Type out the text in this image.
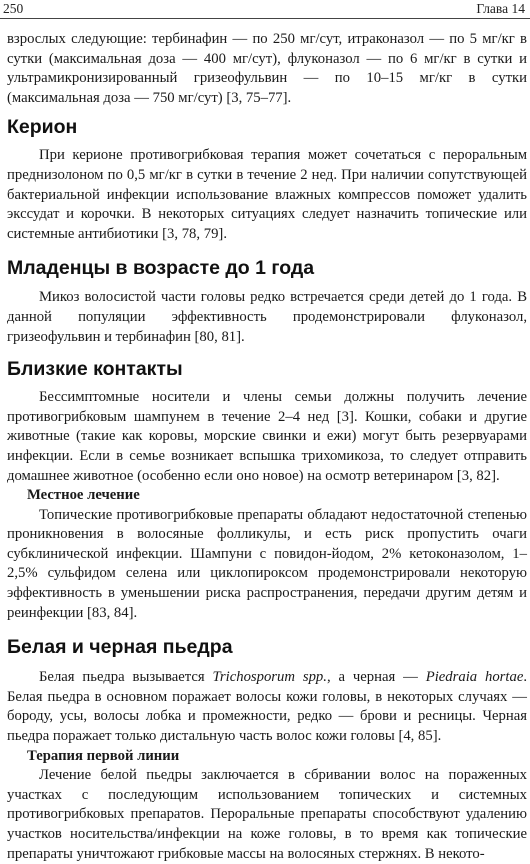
250	Глава 14

взрослых следующие: тербинафин — по 250 мг/сут, итраконазол — по 5 мг/кг в сутки (максимальная доза — 400 мг/сут), флуконазол — по 6 мг/кг в сутки и ультрамикронизированный гризеофульвин — по 10–15 мг/кг в сутки (максимальная доза — 750 мг/сут) [3, 75–77].

Керион

При керионе противогрибковая терапия может сочетаться с пероральным преднизолоном по 0,5 мг/кг в сутки в течение 2 нед. При наличии сопутствующей бактериальной инфекции использование влажных компрессов поможет удалить экссудат и корочки. В некоторых ситуациях следует назначить топические или системные антибиотики [3, 78, 79].

Младенцы в возрасте до 1 года

Микоз волосистой части головы редко встречается среди детей до 1 года. В данной популяции эффективность продемонстрировали флуконазол, гризеофульвин и тербинафин [80, 81].

Близкие контакты

Бессимптомные носители и члены семьи должны получить лечение противогрибковым шампунем в течение 2–4 нед [3]. Кошки, собаки и другие животные (такие как коровы, морские свинки и ежи) могут быть резервуарами инфекции. Если в семье возникает вспышка трихомикоза, то следует отправить домашнее животное (особенно если оно новое) на осмотр ветеринаром [3, 82].

Местное лечение

Топические противогрибковые препараты обладают недостаточной степенью проникновения в волосяные фолликулы, и есть риск пропустить очаги субклинической инфекции. Шампуни с повидон-йодом, 2% кетоконазолом, 1–2,5% сульфидом селена или циклопироксом продемонстрировали некоторую эффективность в уменьшении риска распространения, передачи другим детям и реинфекции [83, 84].

Белая и черная пьедра

Белая пьедра вызывается Trichosporum spp., а черная — Piedraia hortae. Белая пьедра в основном поражает волосы кожи головы, в некоторых случаях — бороду, усы, волосы лобка и промежности, редко — брови и ресницы. Черная пьедра поражает только дистальную часть волос кожи головы [4, 85].

Терапия первой линии

Лечение белой пьедры заключается в сбривании волос на пораженных участках с последующим использованием топических и системных противогрибковых препаратов. Пероральные препараты способствуют удалению участков носительства/инфекции на коже головы, в то время как топические препараты уничтожают грибковые массы на волосяных стержнях. В некото-
